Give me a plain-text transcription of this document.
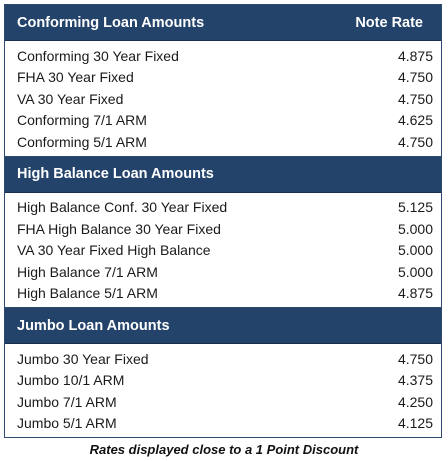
Conforming Loan Amounts	Note Rate
Conforming 30 Year Fixed	4.875
FHA 30 Year Fixed	4.750
VA 30 Year Fixed	4.750
Conforming 7/1 ARM	4.625
Conforming 5/1 ARM	4.750
High Balance Loan Amounts
High Balance Conf. 30 Year Fixed	5.125
FHA High Balance 30 Year Fixed	5.000
VA 30 Year Fixed High Balance	5.000
High Balance 7/1 ARM	5.000
High Balance 5/1 ARM	4.875
Jumbo Loan Amounts
Jumbo 30 Year Fixed	4.750
Jumbo 10/1 ARM	4.375
Jumbo 7/1 ARM	4.250
Jumbo 5/1 ARM	4.125
Rates displayed close to a 1 Point Discount
